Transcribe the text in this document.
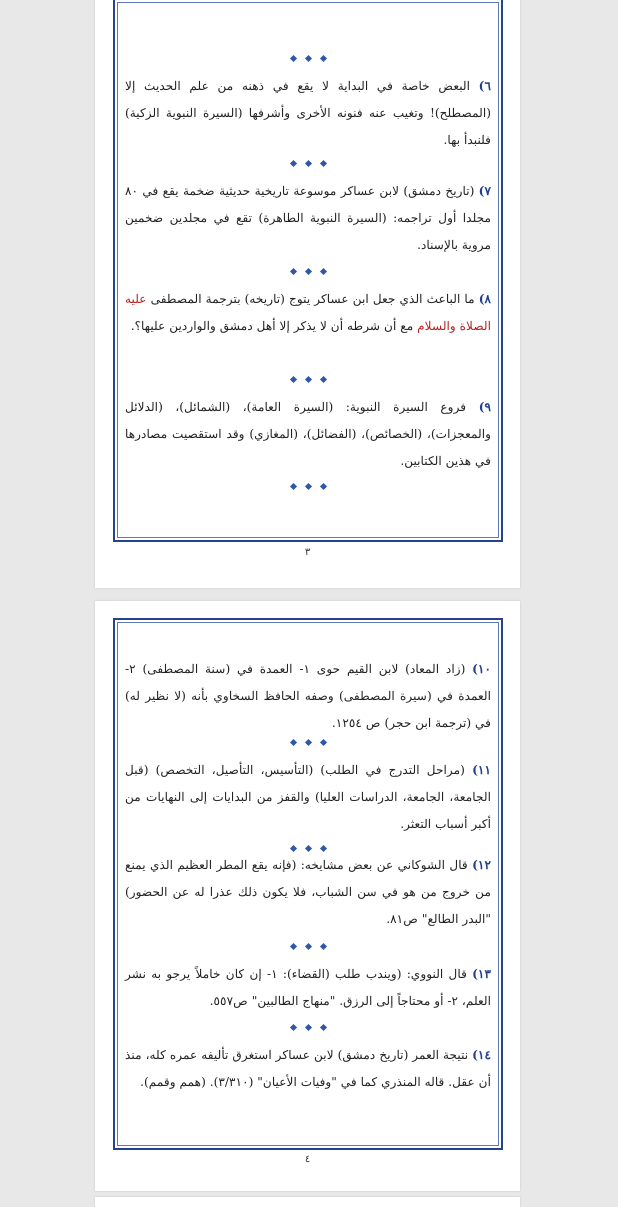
٦) البعض خاصة في البداية لا يقع في ذهنه من علم الحديث إلا (المصطلح)! وتغيب عنه فنونه الأخرى وأشرفها (السيرة النبوية الزكية) فلنبدأ بها.

٧) (تاريخ دمشق) لابن عساكر موسوعة تاريخية حديثية ضخمة يقع في ٨٠ مجلدا أول تراجمه: (السيرة النبوية الطاهرة) تقع في مجلدين ضخمين مروية بالإسناد.

٨) ما الباعث الذي جعل ابن عساكر يتوج (تاريخه) بترجمة المصطفى عليه الصلاة والسلام مع أن شرطه أن لا يذكر إلا أهل دمشق والواردين عليها؟.

٩) فروع السيرة النبوية: (السيرة العامة)، (الشمائل)، (الدلائل والمعجزات)، (الخصائص)، (الفضائل)، (المغازي) وقد استقصيت مصادرها في هذين الكتابين.

٣

١٠) (زاد المعاد) لابن القيم حوى ١- العمدة في (سنة المصطفى) ٢- العمدة في (سيرة المصطفى) وصفه الحافظ السخاوي بأنه (لا نظير له) في (ترجمة ابن حجر) ص ١٢٥٤.

١١) (مراحل التدرج في الطلب) (التأسيس، التأصيل، التخصص) (قبل الجامعة، الجامعة، الدراسات العليا) والقفز من البدايات إلى النهايات من أكبر أسباب التعثر.

١٢) قال الشوكاني عن بعض مشايخه: (فإنه يقع المطر العظيم الذي يمنع من خروج من هو في سن الشباب، فلا يكون ذلك عذرا له عن الحضور) "البدر الطالع" ص٨١.

١٣) قال النووي: (ويندب طلب (القضاء): ١- إن كان خاملاً يرجو به نشر العلم، ٢- أو محتاجاً إلى الرزق. "منهاج الطالبين" ص٥٥٧.

١٤) نتيجة العمر (تاريخ دمشق) لابن عساكر استغرق تأليفه عمره كله، منذ أن عقل. قاله المنذري كما في "وفيات الأعيان" (٣/٣١٠). (همم وقمم).

٤
